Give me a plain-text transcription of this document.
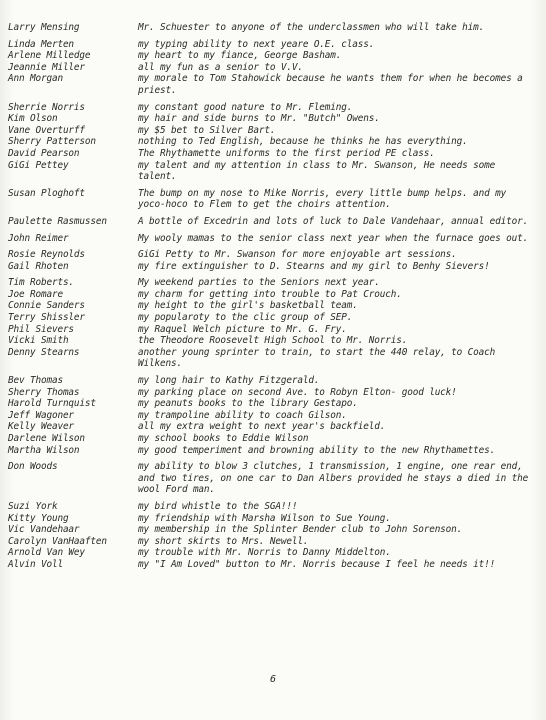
Larry Mensing	Mr. Schuester to anyone of the underclassmen who will take him.
Linda Merten	my typing ability to next yeare O.E. class.
Arlene Milledge	my heart to my fiance, George Basham.
Jeannie Miller	all my fun as a senior to V.V.
Ann Morgan	my morale to Tom Stahowick because he wants them for when he becomes a priest.
Sherrie Norris	my constant good nature to Mr. Fleming.
Kim Olson	my hair and side burns to Mr. "Butch" Owens.
Vane Overturff	my $5 bet to Silver Bart.
Sherry Patterson	nothing to Ted English, because he thinks he has everything.
David Pearson	The Rhythamette uniforms to the first period PE class.
GiGi Pettey	my talent and my attention in class to Mr. Swanson, He needs some talent.
Susan Ploghoft	The bump on my nose to Mike Norris, every little bump helps. and my yoco-hoco to Flem to get the choirs attention.
Paulette Rasmussen	A bottle of Excedrin and lots of luck to Dale Vandehaar, annual editor.
John Reimer	My wooly mamas to the senior class next year when the furnace goes out.
Rosie Reynolds	GiGi Petty to Mr. Swanson for more enjoyable art sessions.
Gail Rhoten	my fire extinguisher to D. Stearns and my girl to Benhy Sievers!
Tim Roberts.	My weekend parties to the Seniors next year.
Joe Romare	my charm for getting into trouble to Pat Crouch.
Connie Sanders	my height to the girl's basketball team.
Terry Shissler	my popularoty to the clic group of SEP.
Phil Sievers	my Raquel Welch picture to Mr. G. Fry.
Vicki Smith	the Theodore Roosevelt High School to Mr. Norris.
Denny Stearns	another young sprinter to train, to start the 440 relay, to Coach Wilkens.
Bev Thomas	my long hair to Kathy Fitzgerald.
Sherry Thomas	my parking place on second Ave. to Robyn Elton- good luck!
Harold Turnquist	my peanuts books to the library Gestapo.
Jeff Wagoner	my trampoline ability to coach Gilson.
Kelly Weaver	all my extra weight to next year's backfield.
Darlene Wilson	my school books to Eddie Wilson
Martha Wilson	my good temperiment and browning ability to the new Rhythamettes.
Don Woods	my ability to blow 3 clutches, 1 transmission, 1 engine, one rear end, and two tires, on one car to Dan Albers provided he stays a died in the wool Ford man.
Suzi York	my bird whistle to the SGA!!!
Kitty Young	my friendship with Marsha Wilson to Sue Young.
Vic Vandehaar	my membership in the Splinter Bender club to John Sorenson.
Carolyn VanHaaften	my short skirts to Mrs. Newell.
Arnold Van Wey	my trouble with Mr. Norris to Danny Middelton.
Alvin Voll	my "I Am Loved" button to Mr. Norris because I feel he needs it!!
6
